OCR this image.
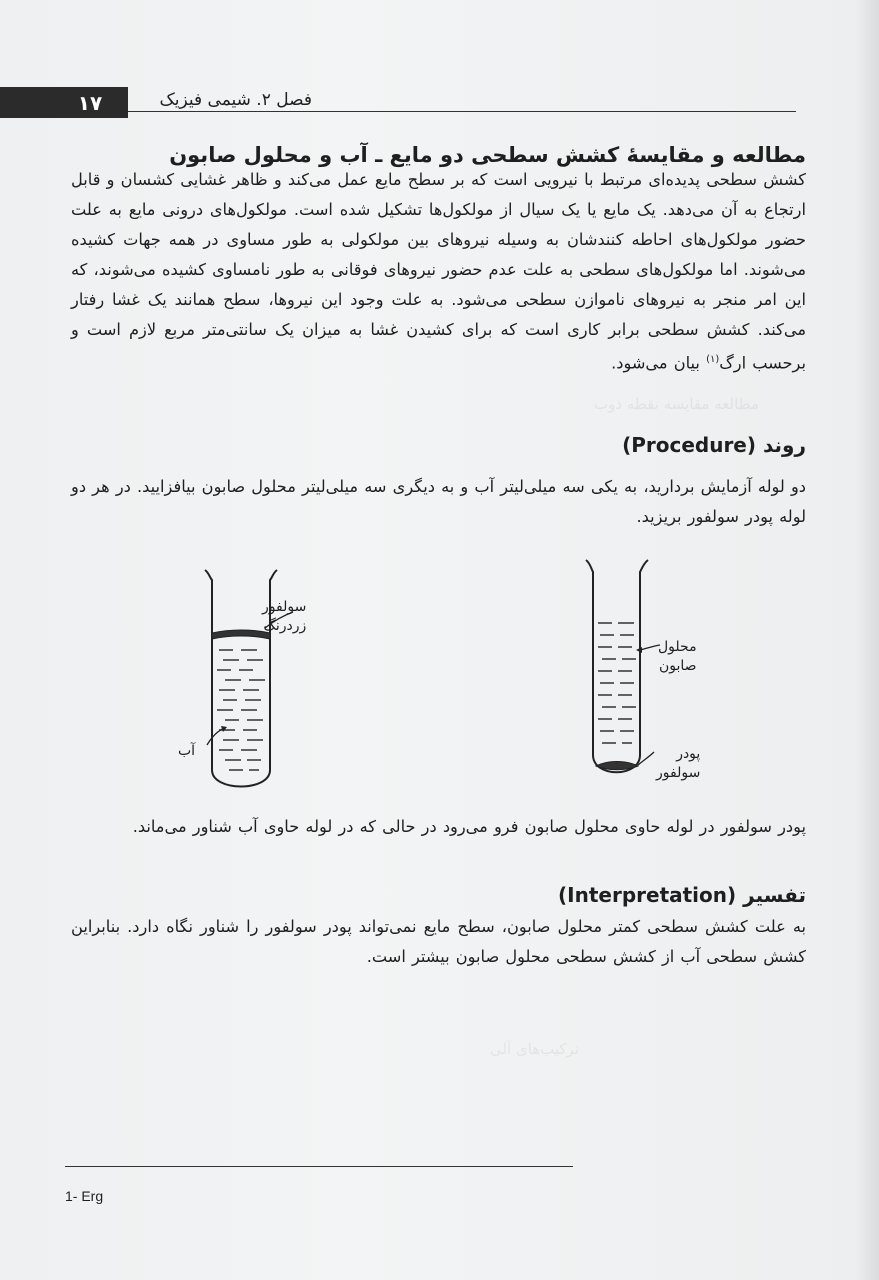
مطالعه مقایسه نقطه ذوب
ترکیب‌های آلی
۱۷	فصل ۲. شیمی فیزیک
مطالعه و مقایسهٔ کشش سطحی دو مایع ـ آب و محلول صابون
کشش سطحی پدیده‌ای مرتبط با نیرویی است که بر سطح مایع عمل می‌کند و ظاهر غشایی کشسان و قابل ارتجاع به آن می‌دهد. یک مایع یا یک سیال از مولکول‌ها تشکیل شده است. مولکول‌های درونی مایع به علت حضور مولکول‌های احاطه کنندشان به وسیله نیروهای بین مولکولی به طور مساوی در همه جهات کشیده می‌شوند. اما مولکول‌های سطحی به علت عدم حضور نیروهای فوقانی به طور نامساوی کشیده می‌شوند، که این امر منجر به نیروهای ناموازن سطحی می‌شود. به علت وجود این نیروها، سطح همانند یک غشا رفتار می‌کند. کشش سطحی برابر کاری است که برای کشیدن غشا به میزان یک سانتی‌متر مربع لازم است و برحسب ارگ$^{(۱)}$ بیان می‌شود.
روند (Procedure)
دو لوله آزمایش بردارید، به یکی سه میلی‌لیتر آب و به دیگری سه میلی‌لیتر محلول صابون بیافزایید. در هر دو لوله پودر سولفور بریزید.
سولفور
زردرنگ
آب
محلول
صابون
پودر
سولفور
پودر سولفور در لوله حاوی محلول صابون فرو می‌رود در حالی که در لوله حاوی آب شناور می‌ماند.
تفسیر (Interpretation)
به علت کشش سطحی کمتر محلول صابون، سطح مایع نمی‌تواند پودر سولفور را شناور نگاه دارد. بنابراین کشش سطحی آب از کشش سطحی محلول صابون بیشتر است.
1- Erg
